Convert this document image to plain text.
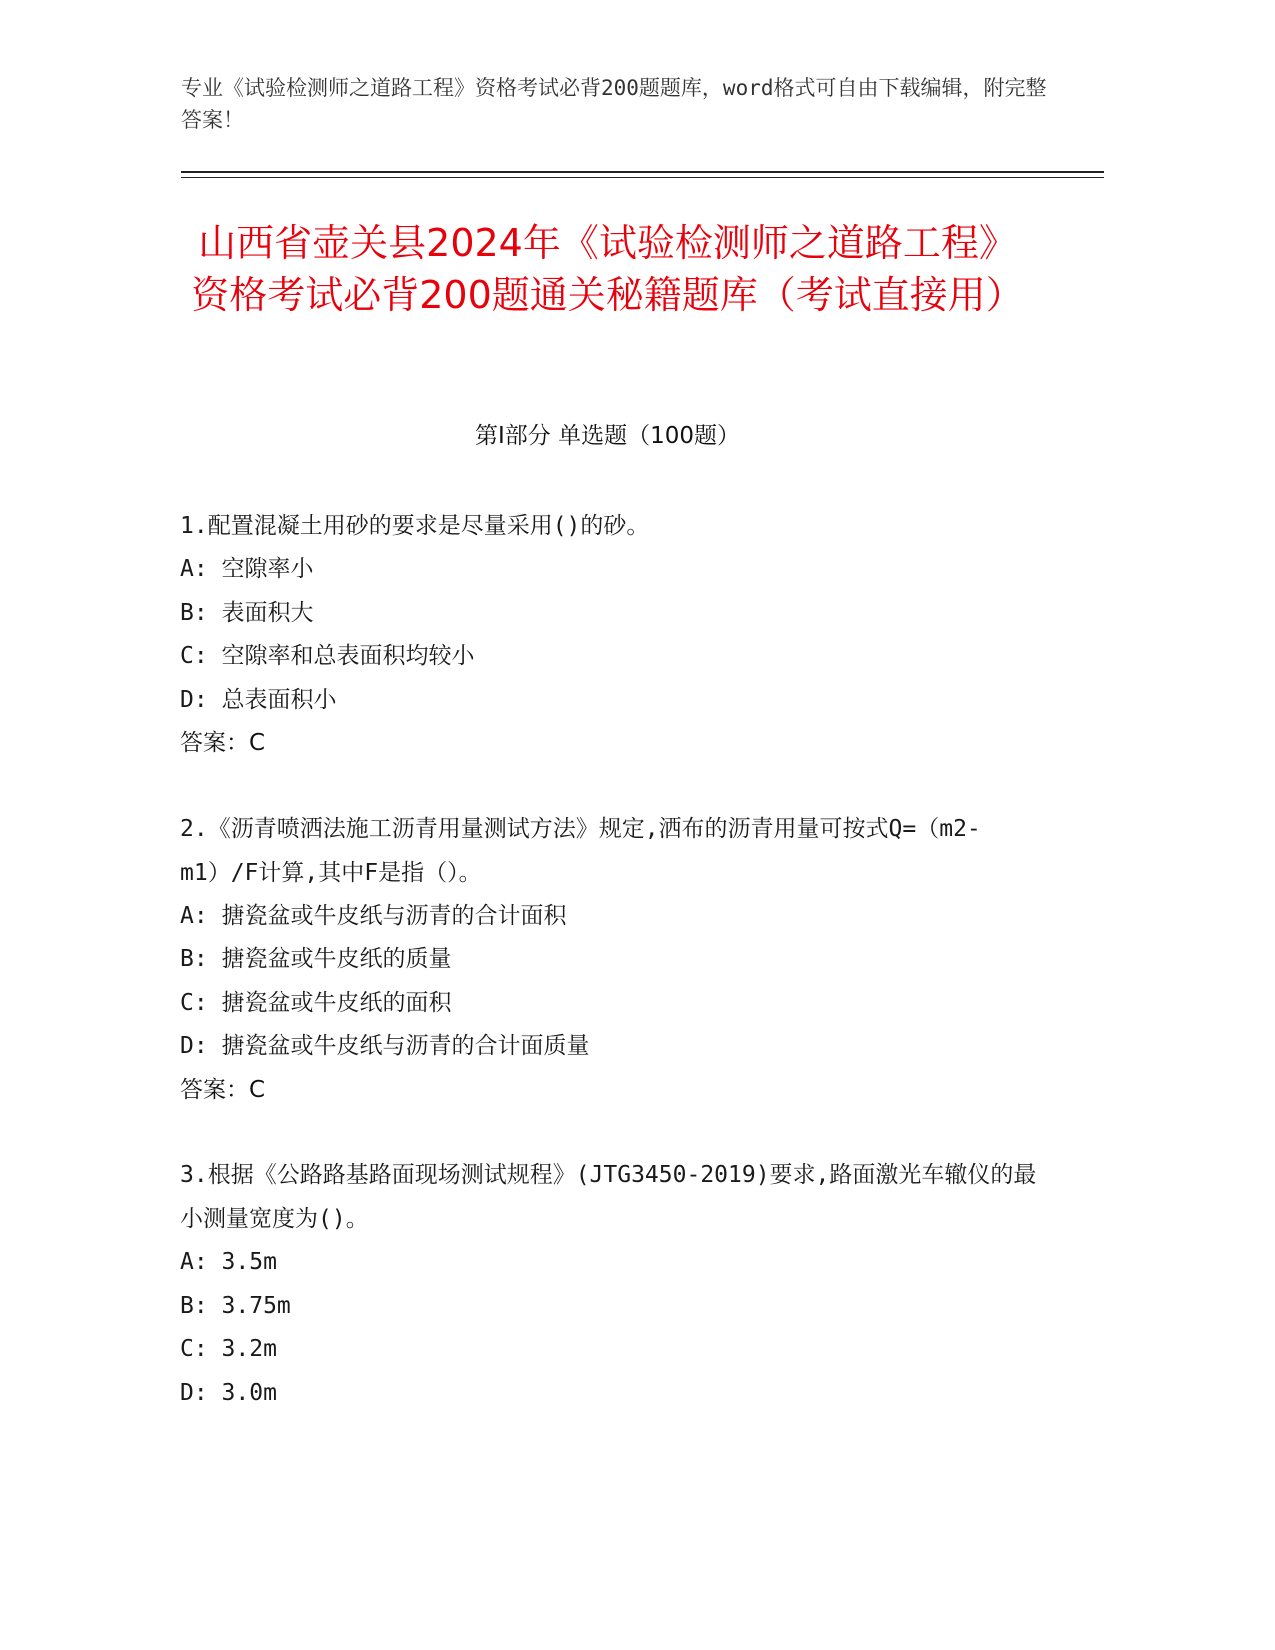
专业《试验检测师之道路工程》资格考试必背200题题库，word格式可自由下载编辑，附完整答案！
山西省壶关县2024年《试验检测师之道路工程》资格考试必背200题通关秘籍题库（考试直接用）
第Ⅰ部分 单选题（100题）

1.配置混凝土用砂的要求是尽量采用()的砂。

A: 空隙率小
B: 表面积大
C: 空隙率和总表面积均较小
D: 总表面积小
答案：C

2.《沥青喷洒法施工沥青用量测试方法》规定,洒布的沥青用量可按式Q=（m2-m1）/F计算,其中F是指（）。

A: 搪瓷盆或牛皮纸与沥青的合计面积
B: 搪瓷盆或牛皮纸的质量
C: 搪瓷盆或牛皮纸的面积
D: 搪瓷盆或牛皮纸与沥青的合计面质量
答案：C

3.根据《公路路基路面现场测试规程》(JTG3450-2019)要求,路面激光车辙仪的最小测量宽度为()。

A: 3.5m
B: 3.75m
C: 3.2m
D: 3.0m
